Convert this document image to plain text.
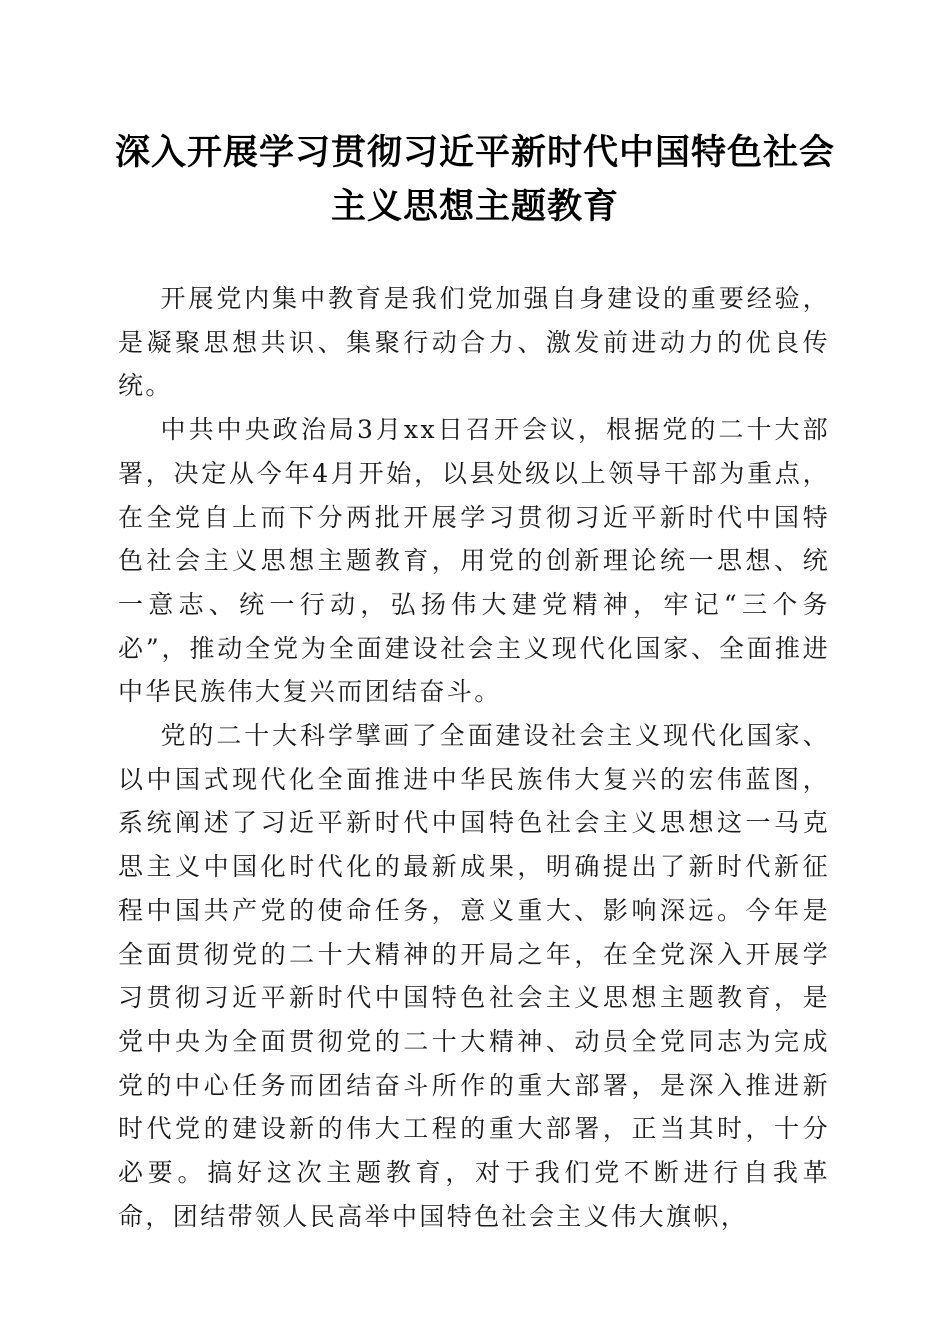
深入开展学习贯彻习近平新时代中国特色社会
主义思想主题教育

开展党内集中教育是我们党加强自身建设的重要经验，是凝聚思想共识、集聚行动合力、激发前进动力的优良传统。

中共中央政治局3月xx日召开会议，根据党的二十大部署，决定从今年4月开始，以县处级以上领导干部为重点，在全党自上而下分两批开展学习贯彻习近平新时代中国特色社会主义思想主题教育，用党的创新理论统一思想、统一意志、统一行动，弘扬伟大建党精神，牢记“三个务必”，推动全党为全面建设社会主义现代化国家、全面推进中华民族伟大复兴而团结奋斗。

党的二十大科学擘画了全面建设社会主义现代化国家、以中国式现代化全面推进中华民族伟大复兴的宏伟蓝图，系统阐述了习近平新时代中国特色社会主义思想这一马克思主义中国化时代化的最新成果，明确提出了新时代新征程中国共产党的使命任务，意义重大、影响深远。今年是全面贯彻党的二十大精神的开局之年，在全党深入开展学习贯彻习近平新时代中国特色社会主义思想主题教育，是党中央为全面贯彻党的二十大精神、动员全党同志为完成党的中心任务而团结奋斗所作的重大部署，是深入推进新时代党的建设新的伟大工程的重大部署，正当其时，十分必要。搞好这次主题教育，对于我们党不断进行自我革命，团结带领人民高举中国特色社会主义伟大旗帜，
